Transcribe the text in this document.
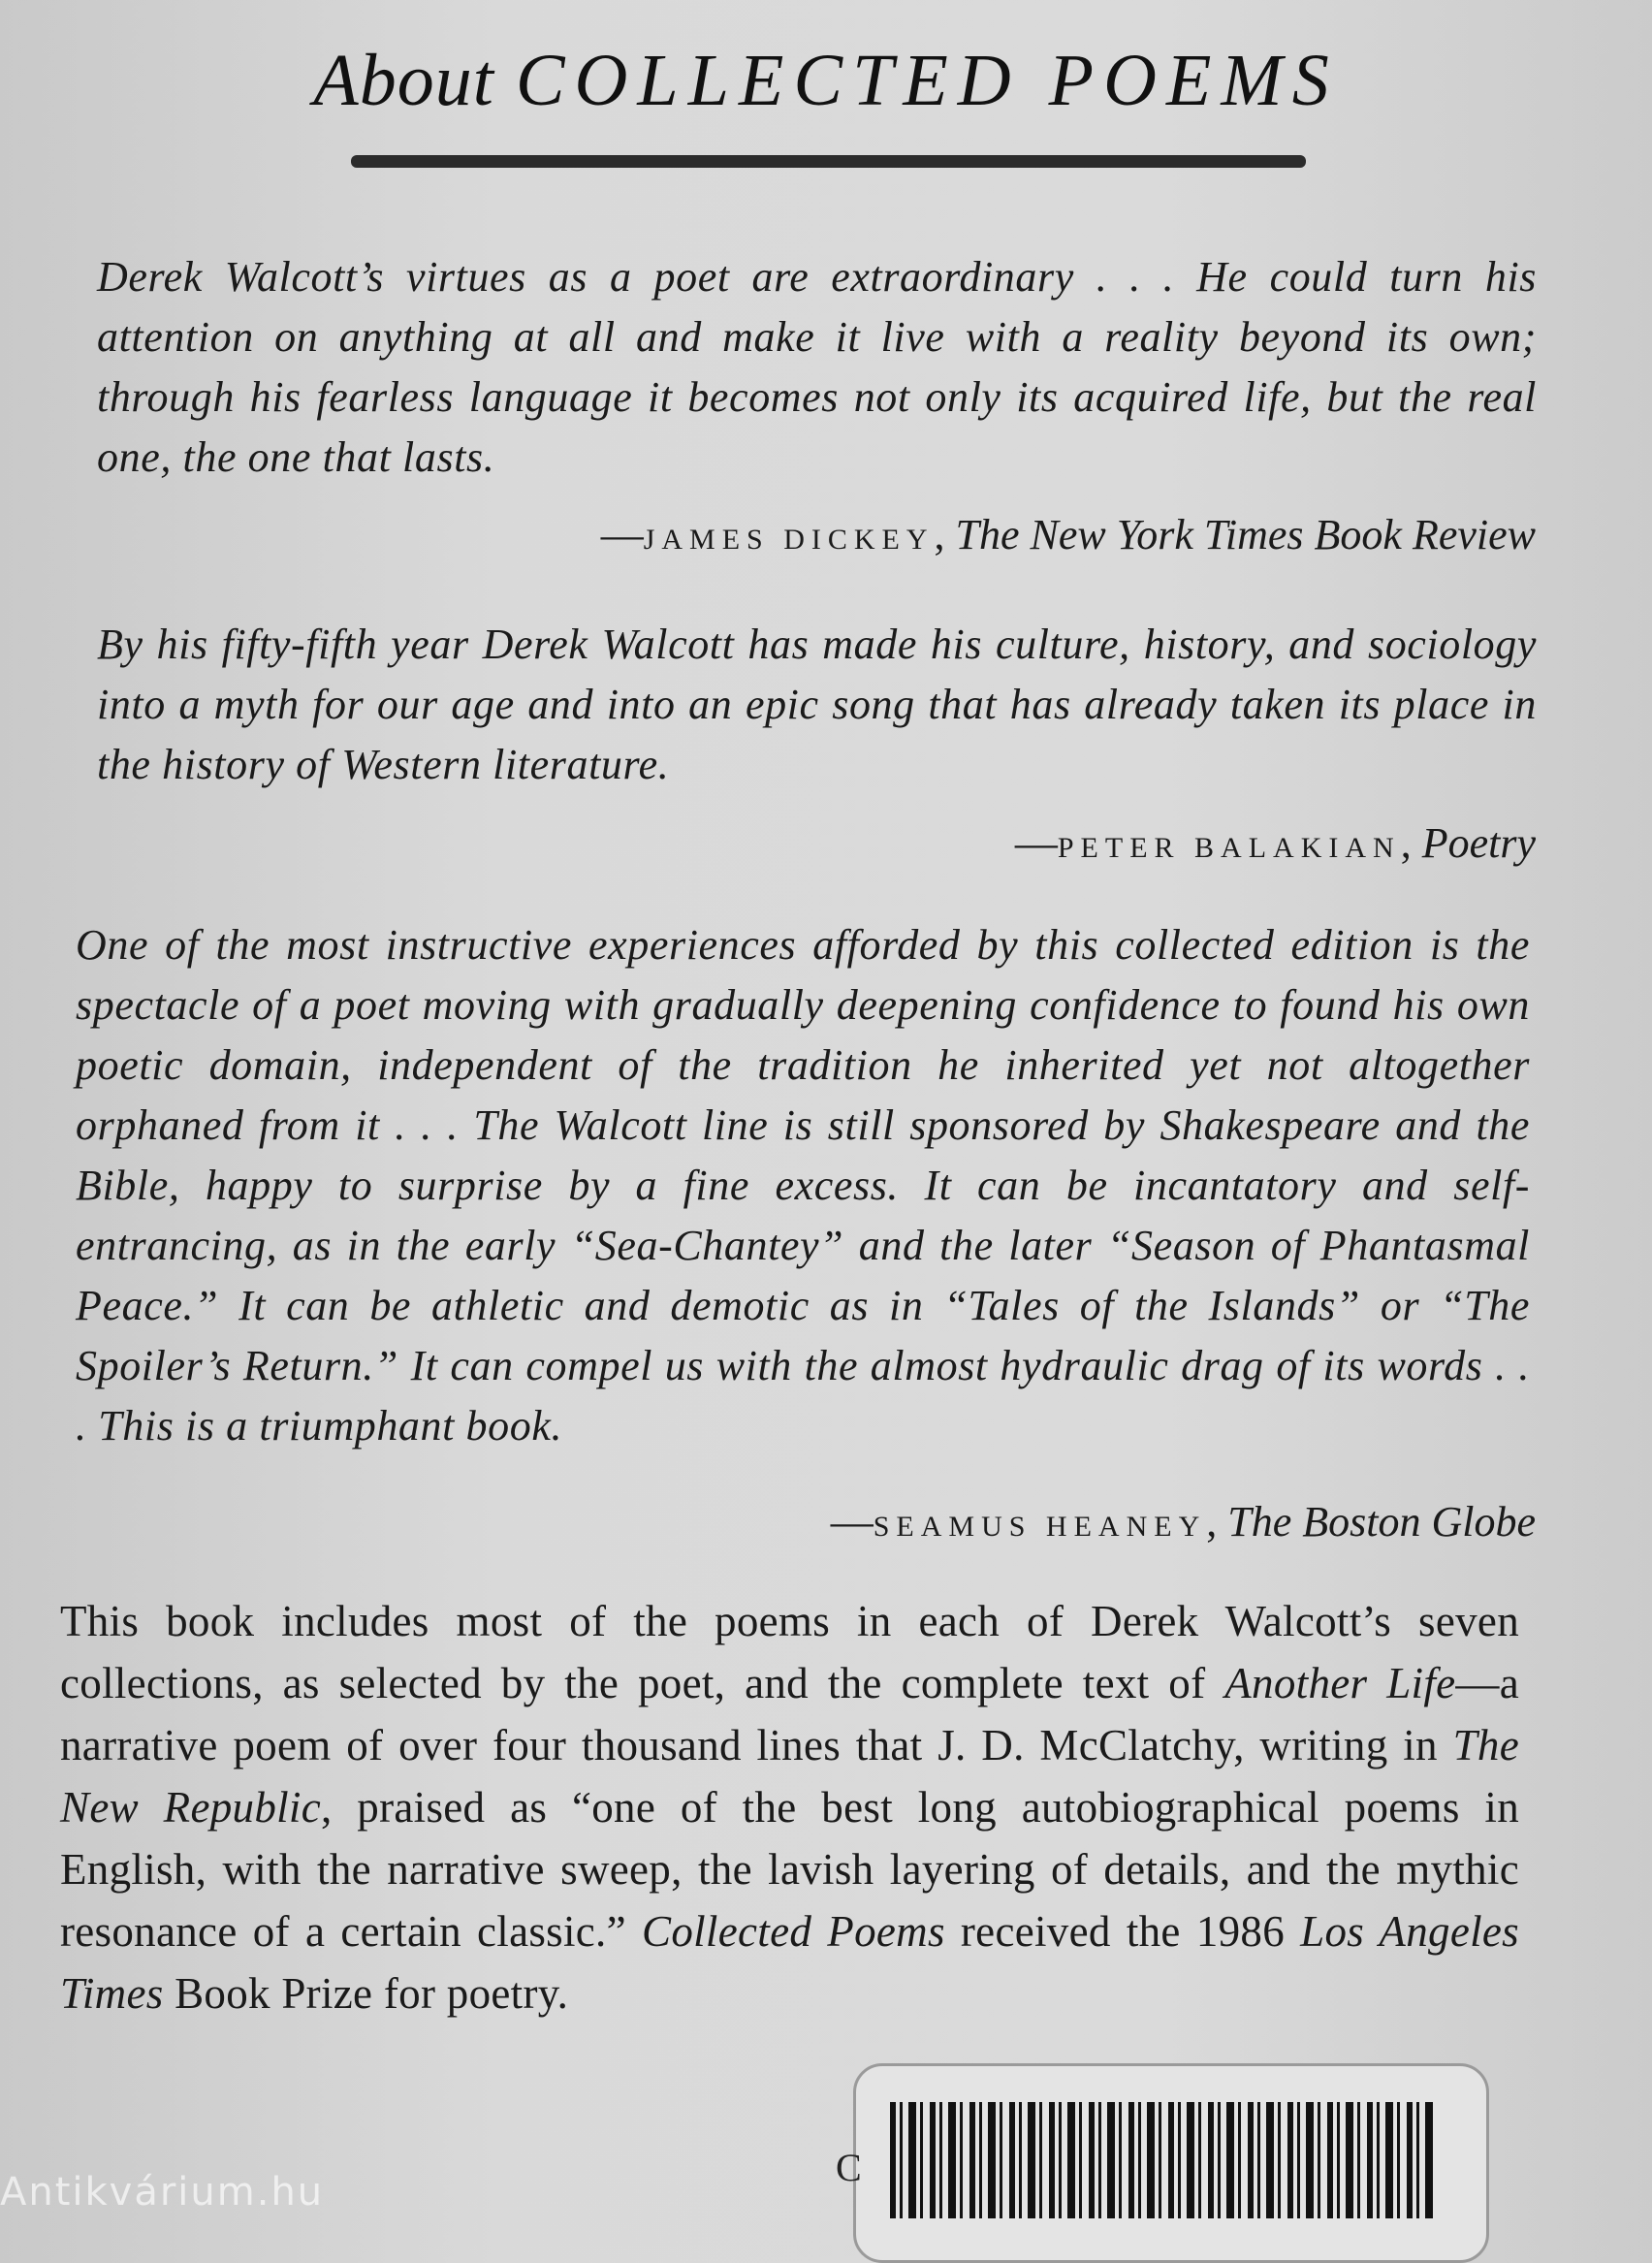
About COLLECTED POEMS

Derek Walcott’s virtues as a poet are extraordinary . . . He could turn his attention on anything at all and make it live with a reality beyond its own; through his fearless language it becomes not only its acquired life, but the real one, the one that lasts.

—JAMES DICKEY, The New York Times Book Review

By his fifty-fifth year Derek Walcott has made his culture, history, and sociology into a myth for our age and into an epic song that has already taken its place in the history of Western literature.

—PETER BALAKIAN, Poetry

One of the most instructive experiences afforded by this collected edition is the spectacle of a poet moving with gradually deepening confidence to found his own poetic domain, independent of the tradition he inherited yet not altogether orphaned from it . . . The Walcott line is still sponsored by Shakespeare and the Bible, happy to surprise by a fine excess. It can be incantatory and self-entrancing, as in the early “Sea-Chantey” and the later “Season of Phantasmal Peace.” It can be athletic and demotic as in “Tales of the Islands” or “The Spoiler’s Return.” It can compel us with the almost hydraulic drag of its words . . . This is a triumphant book.

—SEAMUS HEANEY, The Boston Globe

This book includes most of the poems in each of Derek Walcott’s seven collections, as selected by the poet, and the complete text of Another Life—a narrative poem of over four thousand lines that J. D. McClatchy, writing in The New Republic, praised as “one of the best long autobiographical poems in English, with the narrative sweep, the lavish layering of details, and the mythic resonance of a certain classic.” Collected Poems received the 1986 Los Angeles Times Book Prize for poetry.

C
Antikvárium.hu
